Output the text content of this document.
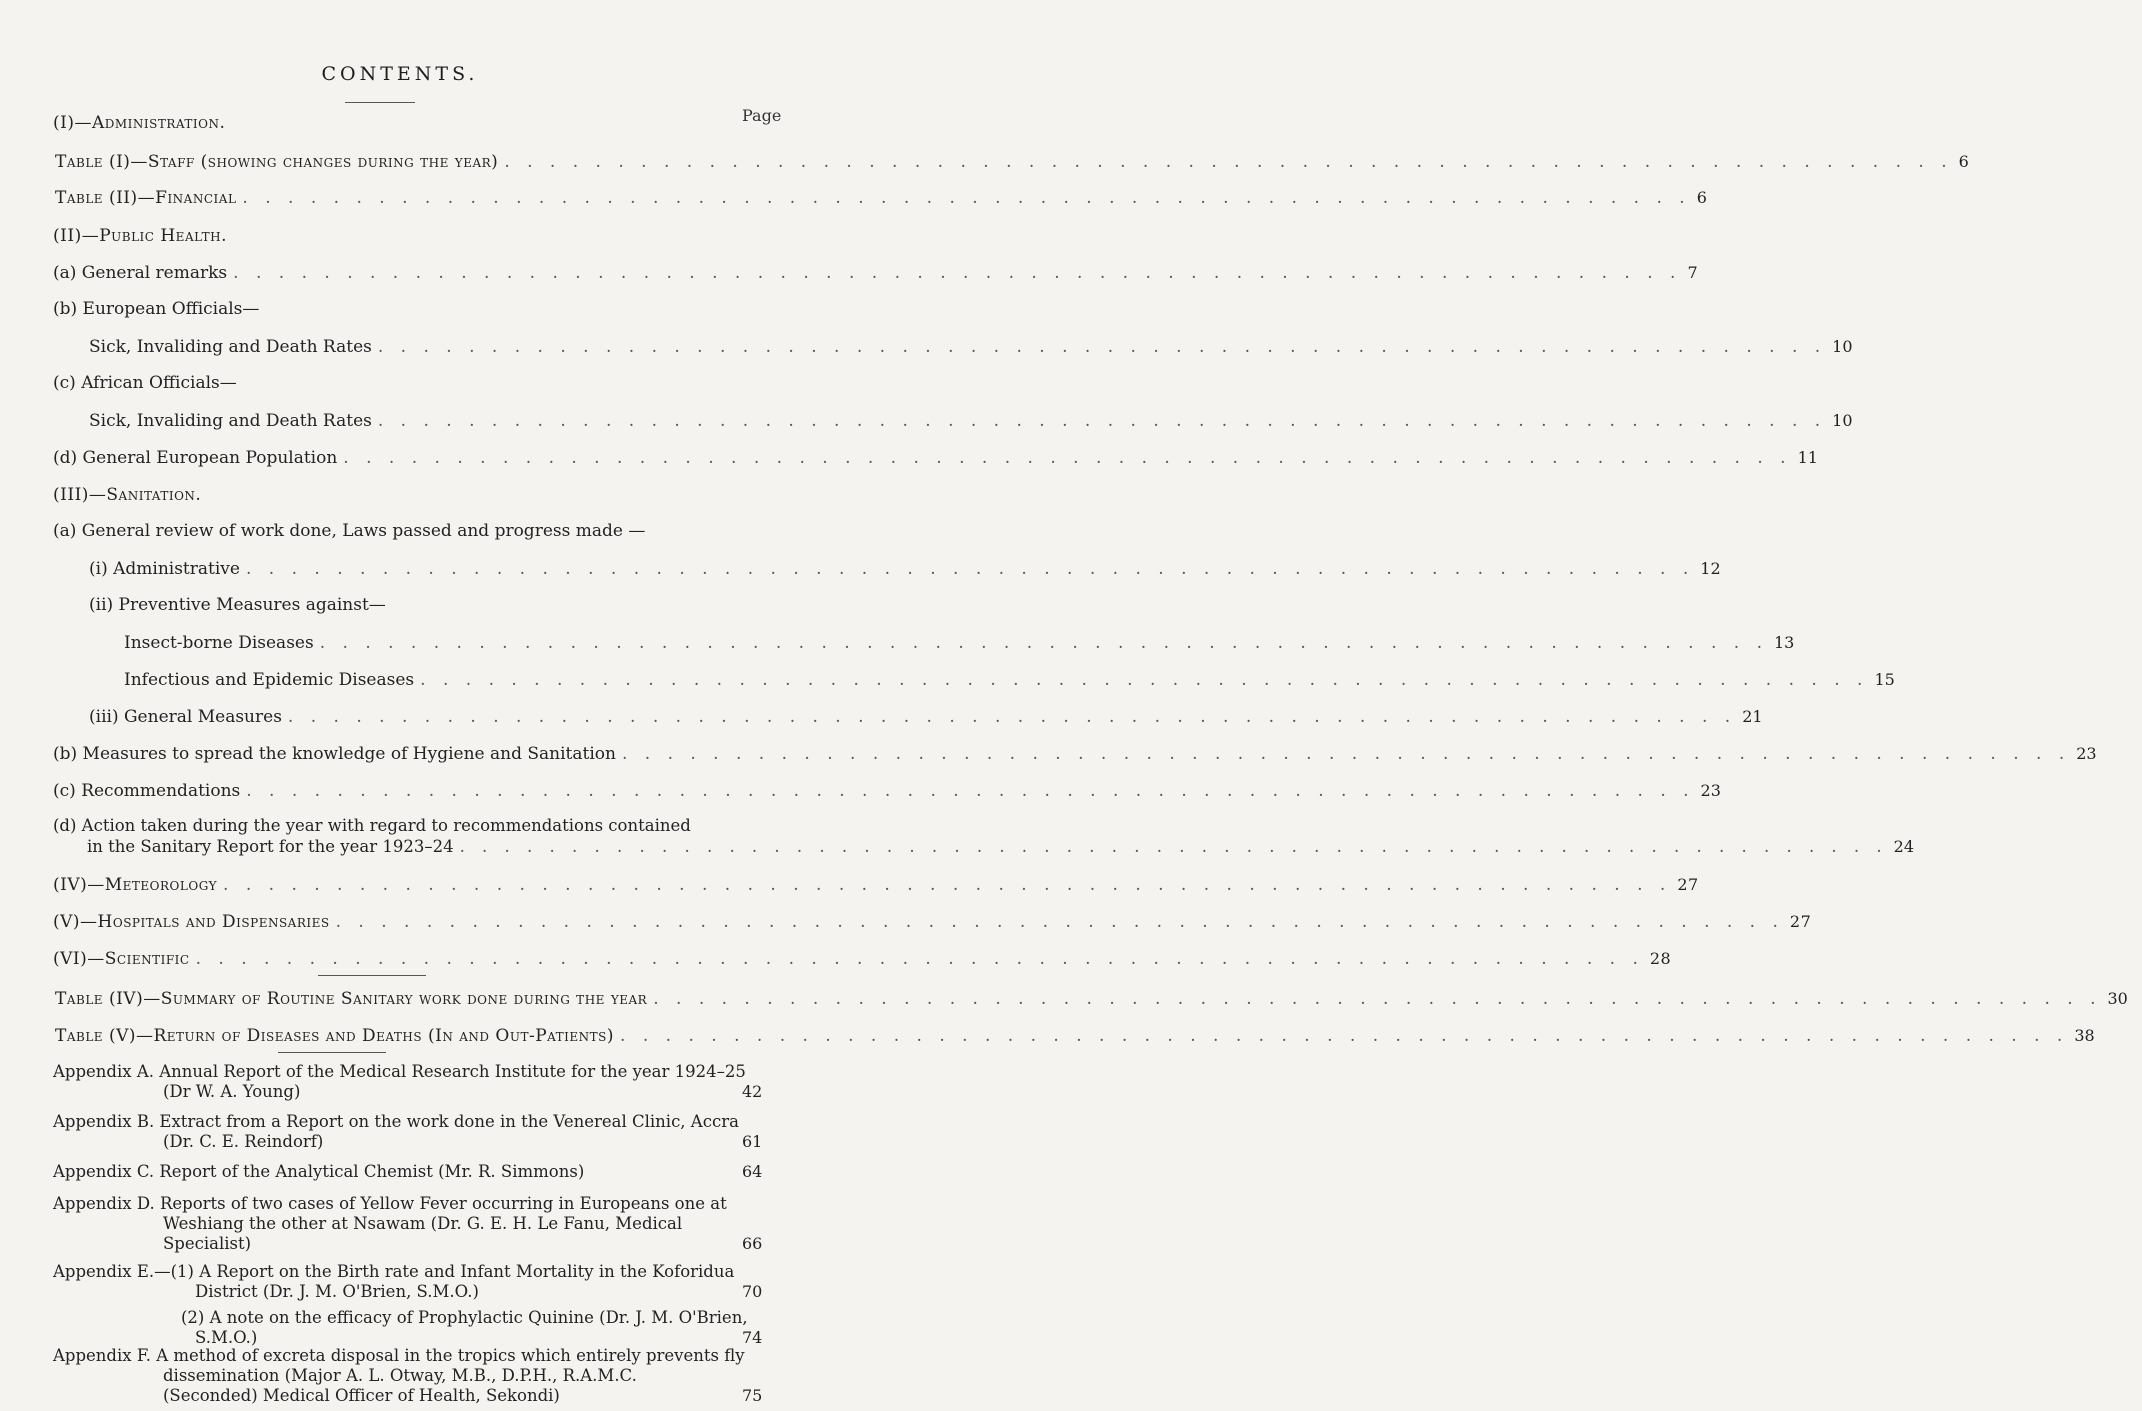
CONTENTS.
Page
(I)—Administration.
Table (I)—Staff (showing changes during the year) . . . . . . . . . . . . . . . . . . . . . . . . . . . . . . . . . . . . . . . . . . . . . . . . . . . . . . . . . . . . . . . . 6
Table (II)—Financial . . . . . . . . . . . . . . . . . . . . . . . . . . . . . . . . . . . . . . . . . . . . . . . . . . . . . . . . . . . . . . . . 6
(II)—Public Health.
(a) General remarks . . . . . . . . . . . . . . . . . . . . . . . . . . . . . . . . . . . . . . . . . . . . . . . . . . . . . . . . . . . . . . . . 7
(b) European Officials—
Sick, Invaliding and Death Rates . . . . . . . . . . . . . . . . . . . . . . . . . . . . . . . . . . . . . . . . . . . . . . . . . . . . . . . . . . . . . . . . 10
(c) African Officials—
Sick, Invaliding and Death Rates . . . . . . . . . . . . . . . . . . . . . . . . . . . . . . . . . . . . . . . . . . . . . . . . . . . . . . . . . . . . . . . . 10
(d) General European Population . . . . . . . . . . . . . . . . . . . . . . . . . . . . . . . . . . . . . . . . . . . . . . . . . . . . . . . . . . . . . . . . 11
(III)—Sanitation.
(a) General review of work done, Laws passed and progress made —
(i) Administrative . . . . . . . . . . . . . . . . . . . . . . . . . . . . . . . . . . . . . . . . . . . . . . . . . . . . . . . . . . . . . . . . 12
(ii) Preventive Measures against—
Insect-borne Diseases . . . . . . . . . . . . . . . . . . . . . . . . . . . . . . . . . . . . . . . . . . . . . . . . . . . . . . . . . . . . . . . . 13
Infectious and Epidemic Diseases . . . . . . . . . . . . . . . . . . . . . . . . . . . . . . . . . . . . . . . . . . . . . . . . . . . . . . . . . . . . . . . . 15
(iii) General Measures . . . . . . . . . . . . . . . . . . . . . . . . . . . . . . . . . . . . . . . . . . . . . . . . . . . . . . . . . . . . . . . . 21
(b) Measures to spread the knowledge of Hygiene and Sanitation . . . . . . . . . . . . . . . . . . . . . . . . . . . . . . . . . . . . . . . . . . . . . . . . . . . . . . . . . . . . . . . . 23
(c) Recommendations . . . . . . . . . . . . . . . . . . . . . . . . . . . . . . . . . . . . . . . . . . . . . . . . . . . . . . . . . . . . . . . . 23
(d) Action taken during the year with regard to recommendations contained
in the Sanitary Report for the year 1923–24 . . . . . . . . . . . . . . . . . . . . . . . . . . . . . . . . . . . . . . . . . . . . . . . . . . . . . . . . . . . . . . . . 24
(IV)—Meteorology . . . . . . . . . . . . . . . . . . . . . . . . . . . . . . . . . . . . . . . . . . . . . . . . . . . . . . . . . . . . . . . . 27
(V)—Hospitals and Dispensaries . . . . . . . . . . . . . . . . . . . . . . . . . . . . . . . . . . . . . . . . . . . . . . . . . . . . . . . . . . . . . . . . 27
(VI)—Scientific . . . . . . . . . . . . . . . . . . . . . . . . . . . . . . . . . . . . . . . . . . . . . . . . . . . . . . . . . . . . . . . . 28
Table (IV)—Summary of Routine Sanitary work done during the year . . . . . . . . . . . . . . . . . . . . . . . . . . . . . . . . . . . . . . . . . . . . . . . . . . . . . . . . . . . . . . . . 30
Table (V)—Return of Diseases and Deaths (In and Out-Patients) . . . . . . . . . . . . . . . . . . . . . . . . . . . . . . . . . . . . . . . . . . . . . . . . . . . . . . . . . . . . . . . . 38
Appendix A. Annual Report of the Medical Research Institute for the year 1924–25
(Dr W. A. Young)	42
Appendix B. Extract from a Report on the work done in the Venereal Clinic, Accra
(Dr. C. E. Reindorf)	61
Appendix C. Report of the Analytical Chemist (Mr. R. Simmons)	64
Appendix D. Reports of two cases of Yellow Fever occurring in Europeans one at
Weshiang the other at Nsawam (Dr. G. E. H. Le Fanu, Medical
Specialist)	66
Appendix E.—(1) A Report on the Birth rate and Infant Mortality in the Koforidua
District (Dr. J. M. O'Brien, S.M.O.)	70
(2) A note on the efficacy of Prophylactic Quinine (Dr. J. M. O'Brien,
S.M.O.)	74
Appendix F. A method of excreta disposal in the tropics which entirely prevents fly
dissemination (Major A. L. Otway, M.B., D.P.H., R.A.M.C.
(Seconded) Medical Officer of Health, Sekondi)	75
